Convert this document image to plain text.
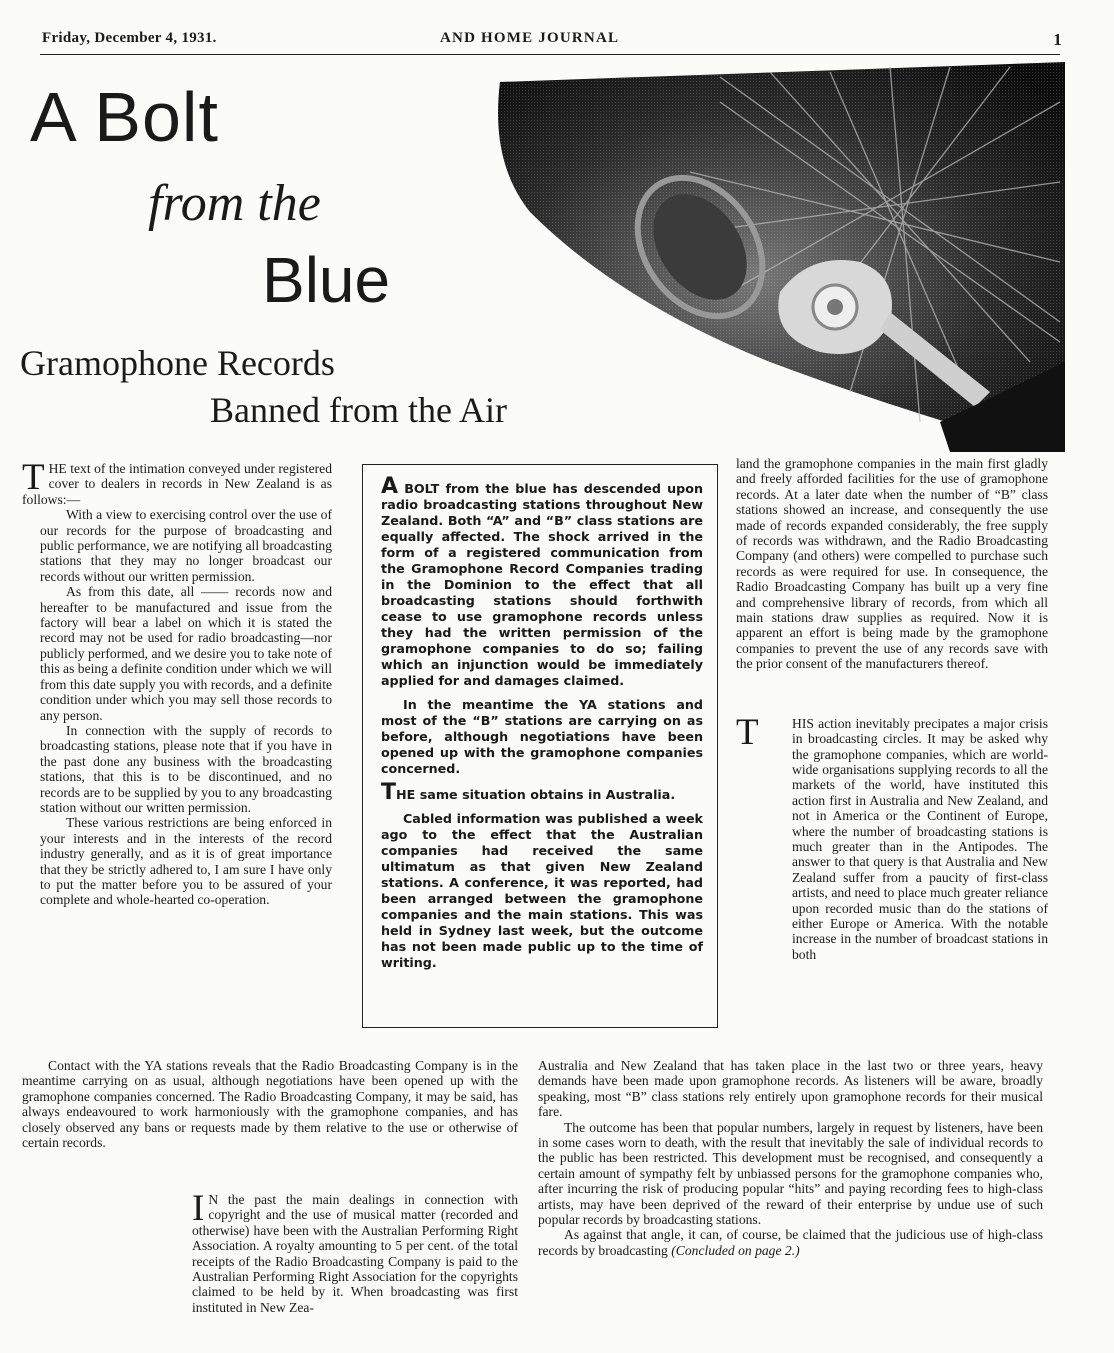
Friday, December 4, 1931.	AND HOME JOURNAL	1
A Bolt
from the
Blue
Gramophone Records
Banned from the Air

THE text of the intimation conveyed under registered cover to dealers in records in New Zealand is as follows:—

With a view to exercising control over the use of our records for the purpose of broadcasting and public performance, we are notifying all broadcasting stations that they may no longer broadcast our records without our written permission.

As from this date, all —— records now and hereafter to be manufactured and issue from the factory will bear a label on which it is stated the record may not be used for radio broadcasting—nor publicly performed, and we desire you to take note of this as being a definite condition under which we will from this date supply you with records, and a definite condition under which you may sell those records to any person.

In connection with the supply of records to broadcasting stations, please note that if you have in the past done any business with the broadcasting stations, that this is to be discontinued, and no records are to be supplied by you to any broadcasting station without our written permission.

These various restrictions are being enforced in your interests and in the interests of the record industry generally, and as it is of great importance that they be strictly adhered to, I am sure I have only to put the matter before you to be assured of your complete and whole-hearted co-operation.

A BOLT from the blue has descended upon radio broadcasting stations throughout New Zealand. Both “A” and “B” class stations are equally affected. The shock arrived in the form of a registered communication from the Gramophone Record Companies trading in the Dominion to the effect that all broadcasting stations should forthwith cease to use gramophone records unless they had the written permission of the gramophone companies to do so; failing which an injunction would be immediately applied for and damages claimed.

In the meantime the YA stations and most of the “B” stations are carrying on as before, although negotiations have been opened up with the gramophone companies concerned.

THE same situation obtains in Australia.

Cabled information was published a week ago to the effect that the Australian companies had received the same ultimatum as that given New Zealand stations. A conference, it was reported, had been arranged between the gramophone companies and the main stations. This was held in Sydney last week, but the outcome has not been made public up to the time of writing.

land the gramophone companies in the main first gladly and freely afforded facilities for the use of gramophone records. At a later date when the number of “B” class stations showed an increase, and consequently the use made of records expanded considerably, the free supply of records was withdrawn, and the Radio Broadcasting Company (and others) were compelled to purchase such records as were required for use. In consequence, the Radio Broadcasting Company has built up a very fine and comprehensive library of records, from which all main stations draw supplies as required. Now it is apparent an effort is being made by the gramophone companies to prevent the use of any records save with the prior consent of the manufacturers thereof.

T HIS action inevitably precipates a major crisis in broadcasting circles. It may be asked why the gramophone companies, which are world-wide organisations supplying records to all the markets of the world, have instituted this action first in Australia and New Zealand, and not in America or the Continent of Europe, where the number of broadcasting stations is much greater than in the Antipodes. The answer to that query is that Australia and New Zealand suffer from a paucity of first-class artists, and need to place much greater reliance upon recorded music than do the stations of either Europe or America. With the notable increase in the number of broadcast stations in both

Contact with the YA stations reveals that the Radio Broadcasting Company is in the meantime carrying on as usual, although negotiations have been opened up with the gramophone companies concerned. The Radio Broadcasting Company, it may be said, has always endeavoured to work harmoniously with the gramophone companies, and has closely observed any bans or requests made by them relative to the use or otherwise of certain records.

I N the past the main dealings in connection with copyright and the use of musical matter (recorded and otherwise) have been with the Australian Performing Right Association. A royalty amounting to 5 per cent. of the total receipts of the Radio Broadcasting Company is paid to the Australian Performing Right Association for the copyrights claimed to be held by it. When broadcasting was first instituted in New Zea-

Australia and New Zealand that has taken place in the last two or three years, heavy demands have been made upon gramophone records. As listeners will be aware, broadly speaking, most “B” class stations rely entirely upon gramophone records for their musical fare.

The outcome has been that popular numbers, largely in request by listeners, have been in some cases worn to death, with the result that inevitably the sale of individual records to the public has been restricted. This development must be recognised, and consequently a certain amount of sympathy felt by unbiassed persons for the gramophone companies who, after incurring the risk of producing popular “hits” and paying recording fees to high-class artists, may have been deprived of the reward of their enterprise by undue use of such popular records by broadcasting stations.

As against that angle, it can, of course, be claimed that the judicious use of high-class records by broadcasting (Concluded on page 2.)
